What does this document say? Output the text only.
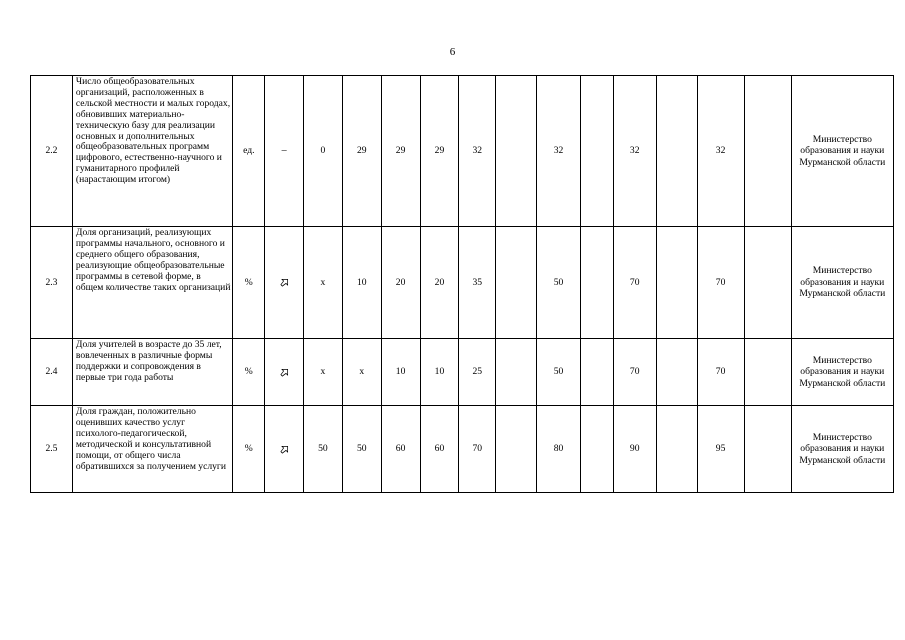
6
2.2	Число общеобразовательных организаций, расположенных в сельской местности и малых городах, обновивших материально-техническую базу для реализации основных и дополнительных общеобразовательных программ цифрового, естественно-научного и гуманитарного профилей (нарастающим итогом)	ед.	–	0	29	29	29	32		32		32		32		Министерство образования и науки Мурманской области
2.3	Доля организаций, реализующих программы начального, основного и среднего общего образования, реализующие общеобразовательные программы в сетевой форме, в общем количестве таких организаций	%		х	10	20	20	35		50		70		70		Министерство образования и науки Мурманской области
2.4	Доля учителей в возрасте до 35 лет, вовлеченных в различные формы поддержки и сопровождения в первые три года работы	%		х	х	10	10	25		50		70		70		Министерство образования и науки Мурманской области
2.5	Доля граждан, положительно оценивших качество услуг психолого-педагогической, методической и консультативной помощи, от общего числа обратившихся за получением услуги	%		50	50	60	60	70		80		90		95		Министерство образования и науки Мурманской области
